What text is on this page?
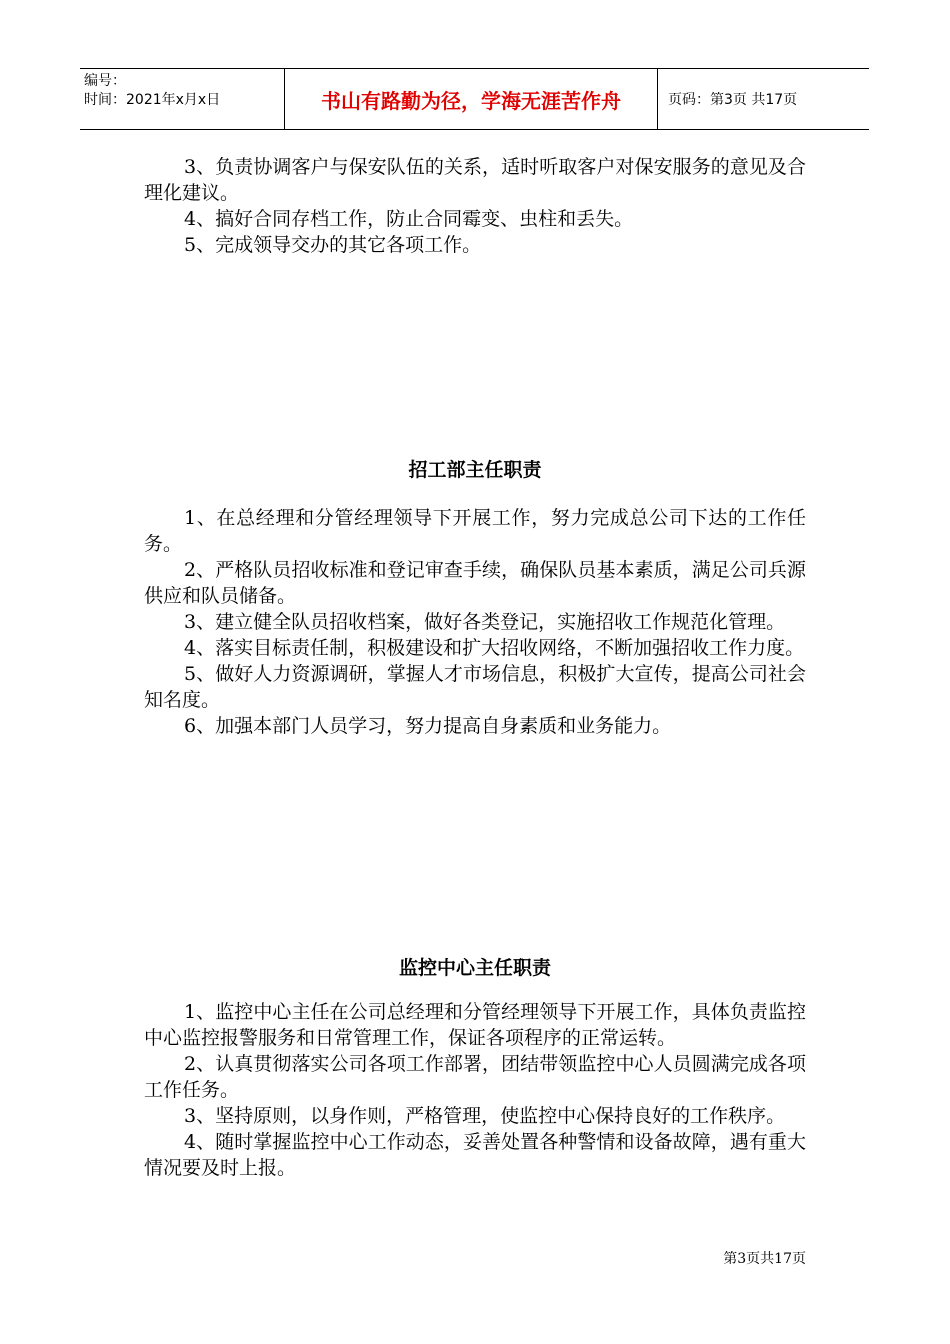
编号：
时间：2021年x月x日	书山有路勤为径，学海无涯苦作舟	页码：第3页 共17页

3、负责协调客户与保安队伍的关系，适时听取客户对保安服务的意见及合理化建议。

4、搞好合同存档工作，防止合同霉变、虫柱和丢失。

5、完成领导交办的其它各项工作。

招工部主任职责

1、在总经理和分管经理领导下开展工作，努力完成总公司下达的工作任务。

2、严格队员招收标准和登记审查手续，确保队员基本素质，满足公司兵源供应和队员储备。

3、建立健全队员招收档案，做好各类登记，实施招收工作规范化管理。

4、落实目标责任制，积极建设和扩大招收网络，不断加强招收工作力度。

5、做好人力资源调研，掌握人才市场信息，积极扩大宣传，提高公司社会知名度。

6、加强本部门人员学习，努力提高自身素质和业务能力。

监控中心主任职责

1、监控中心主任在公司总经理和分管经理领导下开展工作，具体负责监控中心监控报警服务和日常管理工作，保证各项程序的正常运转。

2、认真贯彻落实公司各项工作部署，团结带领监控中心人员圆满完成各项工作任务。

3、坚持原则，以身作则，严格管理，使监控中心保持良好的工作秩序。

4、随时掌握监控中心工作动态，妥善处置各种警情和设备故障，遇有重大情况要及时上报。

第3页共17页
